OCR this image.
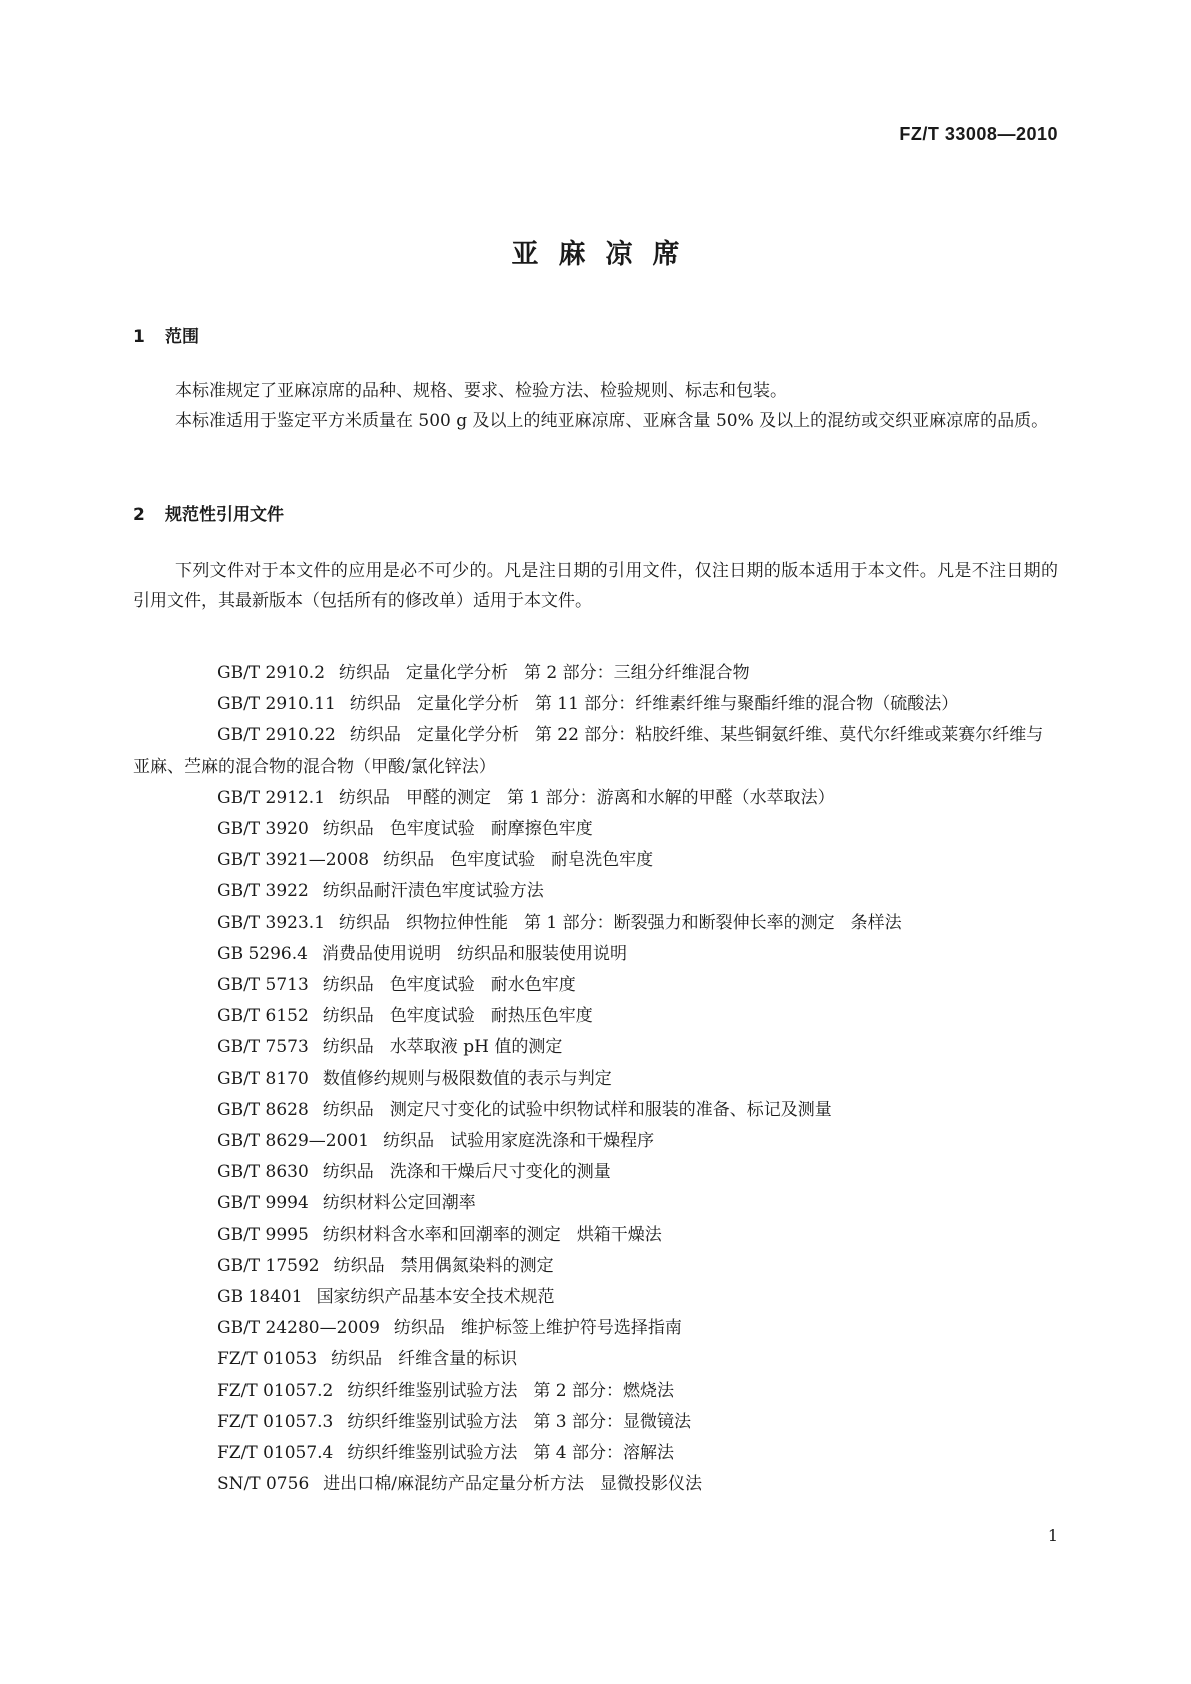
FZ/T 33008—2010
亚麻凉席
1 范围
本标准规定了亚麻凉席的品种、规格、要求、检验方法、检验规则、标志和包装。
本标准适用于鉴定平方米质量在 500 g 及以上的纯亚麻凉席、亚麻含量 50% 及以上的混纺或交织亚麻凉席的品质。
2 规范性引用文件
下列文件对于本文件的应用是必不可少的。凡是注日期的引用文件，仅注日期的版本适用于本文件。凡是不注日期的引用文件，其最新版本（包括所有的修改单）适用于本文件。
GB/T 2910.2 纺织品 定量化学分析 第 2 部分：三组分纤维混合物
GB/T 2910.11 纺织品 定量化学分析 第 11 部分：纤维素纤维与聚酯纤维的混合物（硫酸法）
GB/T 2910.22 纺织品 定量化学分析 第 22 部分：粘胶纤维、某些铜氨纤维、莫代尔纤维或莱赛尔纤维与亚麻、苎麻的混合物的混合物（甲酸/氯化锌法）
GB/T 2912.1 纺织品 甲醛的测定 第 1 部分：游离和水解的甲醛（水萃取法）
GB/T 3920 纺织品 色牢度试验 耐摩擦色牢度
GB/T 3921—2008 纺织品 色牢度试验 耐皂洗色牢度
GB/T 3922 纺织品耐汗渍色牢度试验方法
GB/T 3923.1 纺织品 织物拉伸性能 第 1 部分：断裂强力和断裂伸长率的测定 条样法
GB 5296.4 消费品使用说明 纺织品和服装使用说明
GB/T 5713 纺织品 色牢度试验 耐水色牢度
GB/T 6152 纺织品 色牢度试验 耐热压色牢度
GB/T 7573 纺织品 水萃取液 pH 值的测定
GB/T 8170 数值修约规则与极限数值的表示与判定
GB/T 8628 纺织品 测定尺寸变化的试验中织物试样和服装的准备、标记及测量
GB/T 8629—2001 纺织品 试验用家庭洗涤和干燥程序
GB/T 8630 纺织品 洗涤和干燥后尺寸变化的测量
GB/T 9994 纺织材料公定回潮率
GB/T 9995 纺织材料含水率和回潮率的测定 烘箱干燥法
GB/T 17592 纺织品 禁用偶氮染料的测定
GB 18401 国家纺织产品基本安全技术规范
GB/T 24280—2009 纺织品 维护标签上维护符号选择指南
FZ/T 01053 纺织品 纤维含量的标识
FZ/T 01057.2 纺织纤维鉴别试验方法 第 2 部分：燃烧法
FZ/T 01057.3 纺织纤维鉴别试验方法 第 3 部分：显微镜法
FZ/T 01057.4 纺织纤维鉴别试验方法 第 4 部分：溶解法
SN/T 0756 进出口棉/麻混纺产品定量分析方法 显微投影仪法
1
